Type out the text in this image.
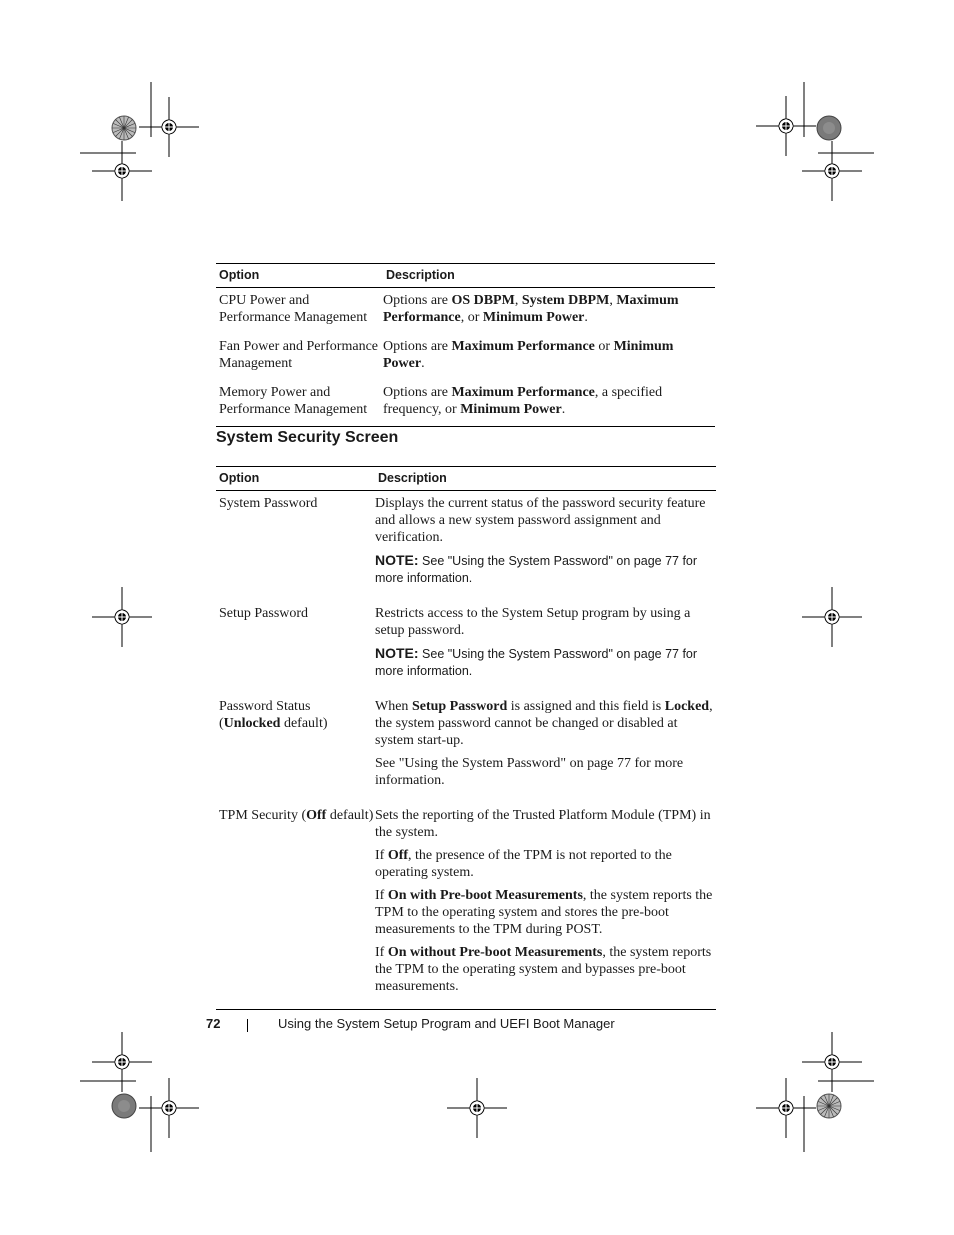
Option	Description

CPU Power and Performance Management	Options are OS DBPM, System DBPM, Maximum Performance, or Minimum Power.

Fan Power and Performance Management	Options are Maximum Performance or Minimum Power.

Memory Power and Performance Management	Options are Maximum Performance, a specified frequency, or Minimum Power.
System Security Screen
Option	Description

System Password	Displays the current status of the password security feature and allows a new system password assignment and verification.

NOTE: See "Using the System Password" on page 77 for more information.

Setup Password	Restricts access to the System Setup program by using a setup password.

NOTE: See "Using the System Password" on page 77 for more information.

Password Status (Unlocked default)	When Setup Password is assigned and this field is Locked, the system password cannot be changed or disabled at system start-up.

See "Using the System Password" on page 77 for more information.

TPM Security (Off default)	Sets the reporting of the Trusted Platform Module (TPM) in the system.

If Off, the presence of the TPM is not reported to the operating system.

If On with Pre-boot Measurements, the system reports the TPM to the operating system and stores the pre-boot measurements to the TPM during POST.

If On without Pre-boot Measurements, the system reports the TPM to the operating system and bypasses pre-boot measurements.

72	Using the System Setup Program and UEFI Boot Manager
